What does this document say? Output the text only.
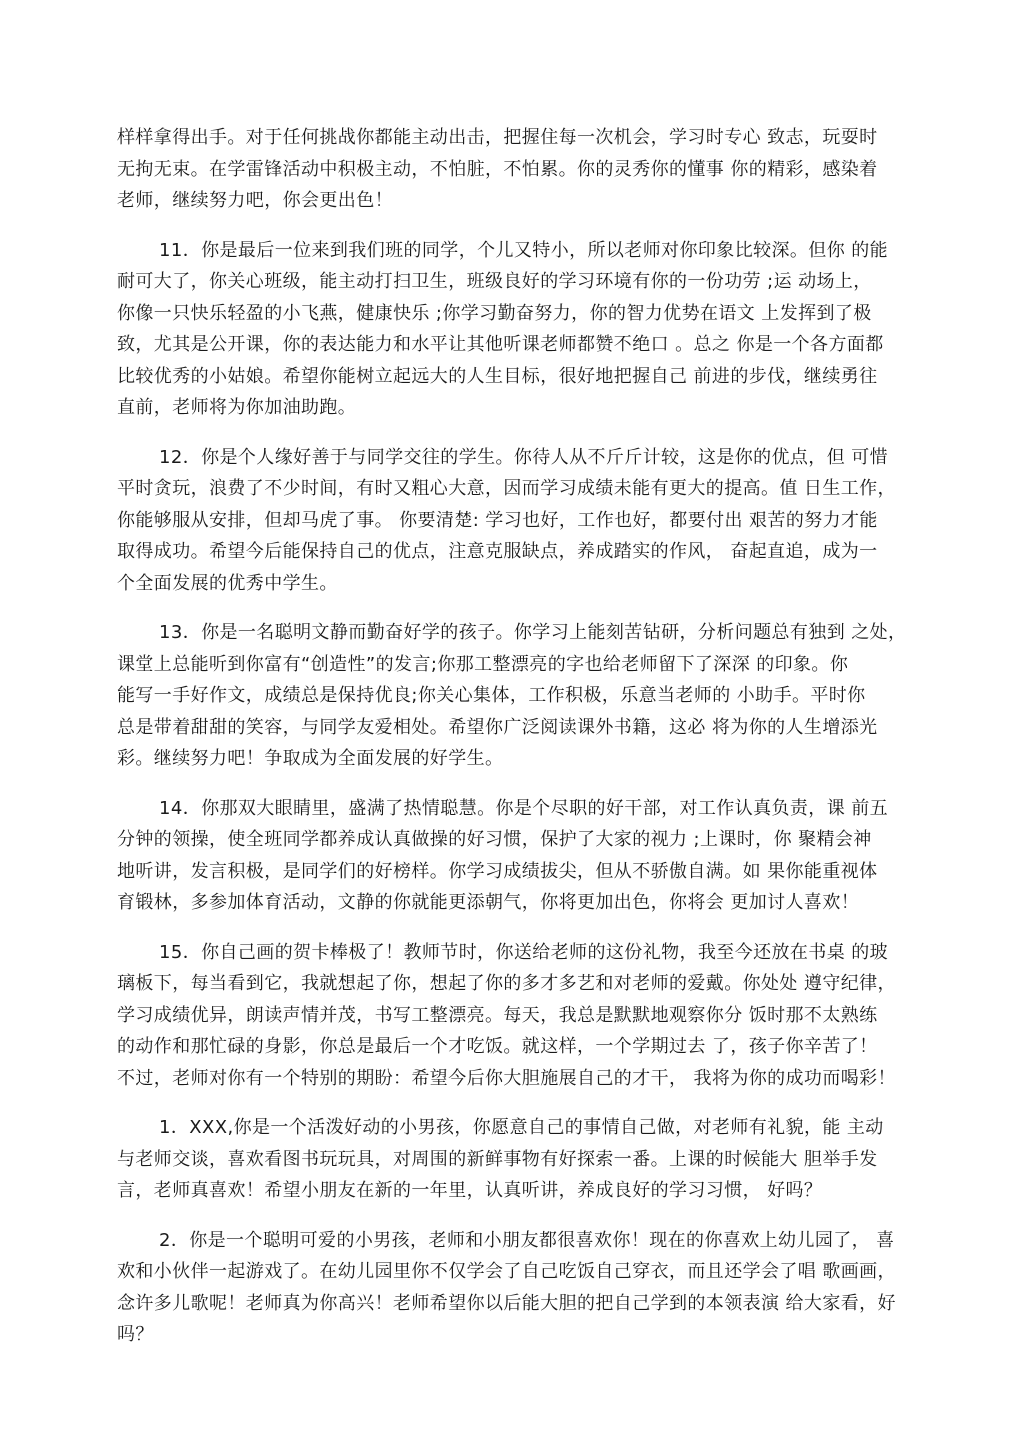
样样拿得出手。对于任何挑战你都能主动出击，把握住每一次机会，学习时专心 致志，玩耍时
无拘无束。在学雷锋活动中积极主动，不怕脏，不怕累。你的灵秀你的懂事 你的精彩，感染着
老师，继续努力吧，你会更出色！
11．你是最后一位来到我们班的同学，个儿又特小，所以老师对你印象比较深。但你 的能
耐可大了，你关心班级，能主动打扫卫生，班级良好的学习环境有你的一份功劳 ;运 动场上，
你像一只快乐轻盈的小飞燕，健康快乐 ;你学习勤奋努力，你的智力优势在语文 上发挥到了极
致，尤其是公开课，你的表达能力和水平让其他听课老师都赞不绝口 。总之 你是一个各方面都
比较优秀的小姑娘。希望你能树立起远大的人生目标，很好地把握自己 前进的步伐，继续勇往
直前，老师将为你加油助跑。
12．你是个人缘好善于与同学交往的学生。你待人从不斤斤计较，这是你的优点，但 可惜
平时贪玩，浪费了不少时间，有时又粗心大意，因而学习成绩未能有更大的提高。值 日生工作，
你能够服从安排，但却马虎了事。 你要清楚: 学习也好，工作也好，都要付出 艰苦的努力才能
取得成功。希望今后能保持自己的优点，注意克服缺点，养成踏实的作风， 奋起直追，成为一
个全面发展的优秀中学生。
13．你是一名聪明文静而勤奋好学的孩子。你学习上能刻苦钻研，分析问题总有独到 之处，
课堂上总能听到你富有“创造性”的发言;你那工整漂亮的字也给老师留下了深深 的印象。你
能写一手好作文，成绩总是保持优良;你关心集体，工作积极，乐意当老师的 小助手。平时你
总是带着甜甜的笑容，与同学友爱相处。希望你广泛阅读课外书籍，这必 将为你的人生增添光
彩。继续努力吧！争取成为全面发展的好学生。
14．你那双大眼睛里，盛满了热情聪慧。你是个尽职的好干部，对工作认真负责，课 前五
分钟的领操，使全班同学都养成认真做操的好习惯，保护了大家的视力 ;上课时，你 聚精会神
地听讲，发言积极，是同学们的好榜样。你学习成绩拔尖，但从不骄傲自满。如 果你能重视体
育锻林，多参加体育活动，文静的你就能更添朝气，你将更加出色，你将会 更加讨人喜欢！
15．你自己画的贺卡棒极了！教师节时，你送给老师的这份礼物，我至今还放在书桌 的玻
璃板下，每当看到它，我就想起了你，想起了你的多才多艺和对老师的爱戴。你处处 遵守纪律，
学习成绩优异，朗读声情并茂，书写工整漂亮。每天，我总是默默地观察你分 饭时那不太熟练
的动作和那忙碌的身影，你总是最后一个才吃饭。就这样，一个学期过去 了，孩子你辛苦了！
不过，老师对你有一个特别的期盼：希望今后你大胆施展自己的才干， 我将为你的成功而喝彩！
1．XXX,你是一个活泼好动的小男孩，你愿意自己的事情自己做，对老师有礼貌，能 主动
与老师交谈，喜欢看图书玩玩具，对周围的新鲜事物有好探索一番。上课的时候能大 胆举手发
言，老师真喜欢！希望小朋友在新的一年里，认真听讲，养成良好的学习习惯， 好吗？
2．你是一个聪明可爱的小男孩，老师和小朋友都很喜欢你！现在的你喜欢上幼儿园了， 喜
欢和小伙伴一起游戏了。在幼儿园里你不仅学会了自己吃饭自己穿衣，而且还学会了唱 歌画画，
念许多儿歌呢！老师真为你高兴！老师希望你以后能大胆的把自己学到的本领表演 给大家看，好
吗？
